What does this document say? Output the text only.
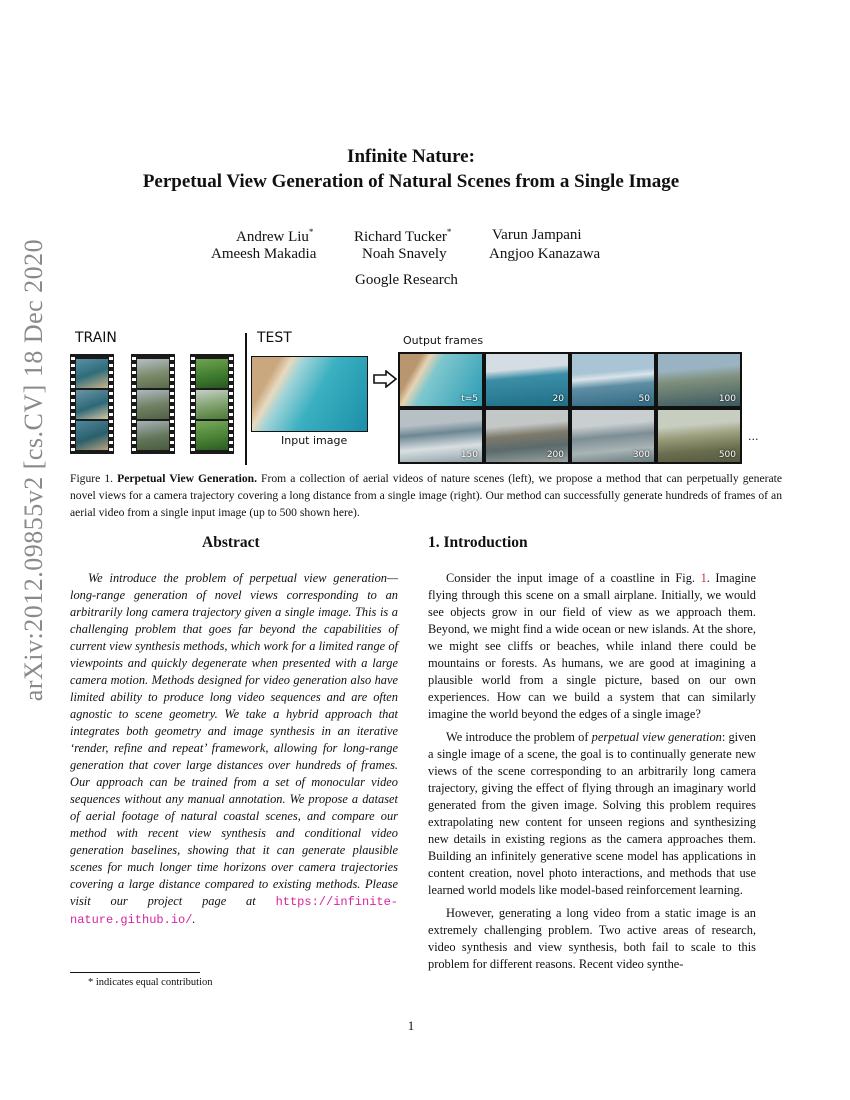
arXiv:2012.09855v2 [cs.CV] 18 Dec 2020
Infinite Nature:
Perpetual View Generation of Natural Scenes from a Single Image
Andrew Liu*	Richard Tucker*	Varun Jampani
Ameesh Makadia	Noah Snavely	Angjoo Kanazawa
Google Research
TRAIN	TEST	Output frames
Input image
t=5	20	50	100
150	200	300	500
...
Figure 1. Perpetual View Generation. From a collection of aerial videos of nature scenes (left), we propose a method that can perpetually generate novel views for a camera trajectory covering a long distance from a single image (right). Our method can successfully generate hundreds of frames of an aerial video from a single input image (up to 500 shown here).
Abstract
We introduce the problem of perpetual view generation—long-range generation of novel views corresponding to an arbitrarily long camera trajectory given a single image. This is a challenging problem that goes far beyond the capabilities of current view synthesis methods, which work for a limited range of viewpoints and quickly degenerate when presented with a large camera motion. Methods designed for video generation also have limited ability to produce long video sequences and are often agnostic to scene geometry. We take a hybrid approach that integrates both geometry and image synthesis in an iterative ‘render, refine and repeat’ framework, allowing for long-range generation that cover large distances over hundreds of frames. Our approach can be trained from a set of monocular video sequences without any manual annotation. We propose a dataset of aerial footage of natural coastal scenes, and compare our method with recent view synthesis and conditional video generation baselines, showing that it can generate plausible scenes for much longer time horizons over camera trajectories covering a large distance compared to existing methods. Please visit our project page at https://infinite-nature.github.io/.
1. Introduction

Consider the input image of a coastline in Fig. 1. Imagine flying through this scene on a small airplane. Initially, we would see objects grow in our field of view as we approach them. Beyond, we might find a wide ocean or new islands. At the shore, we might see cliffs or beaches, while inland there could be mountains or forests. As humans, we are good at imagining a plausible world from a single picture, based on our own experiences. How can we build a system that can similarly imagine the world beyond the edges of a single image?

We introduce the problem of perpetual view generation: given a single image of a scene, the goal is to continually generate new views of the scene corresponding to an arbitrarily long camera trajectory, giving the effect of flying through an imaginary world generated from the given image. Solving this problem requires extrapolating new content for unseen regions and synthesizing new details in existing regions as the camera approaches them. Building an infinitely generative scene model has applications in content creation, novel photo interactions, and methods that use learned world models like model-based reinforcement learning.

However, generating a long video from a static image is an extremely challenging problem. Two active areas of research, video synthesis and view synthesis, both fail to scale to this problem for different reasons. Recent video synthe-

* indicates equal contribution
1
